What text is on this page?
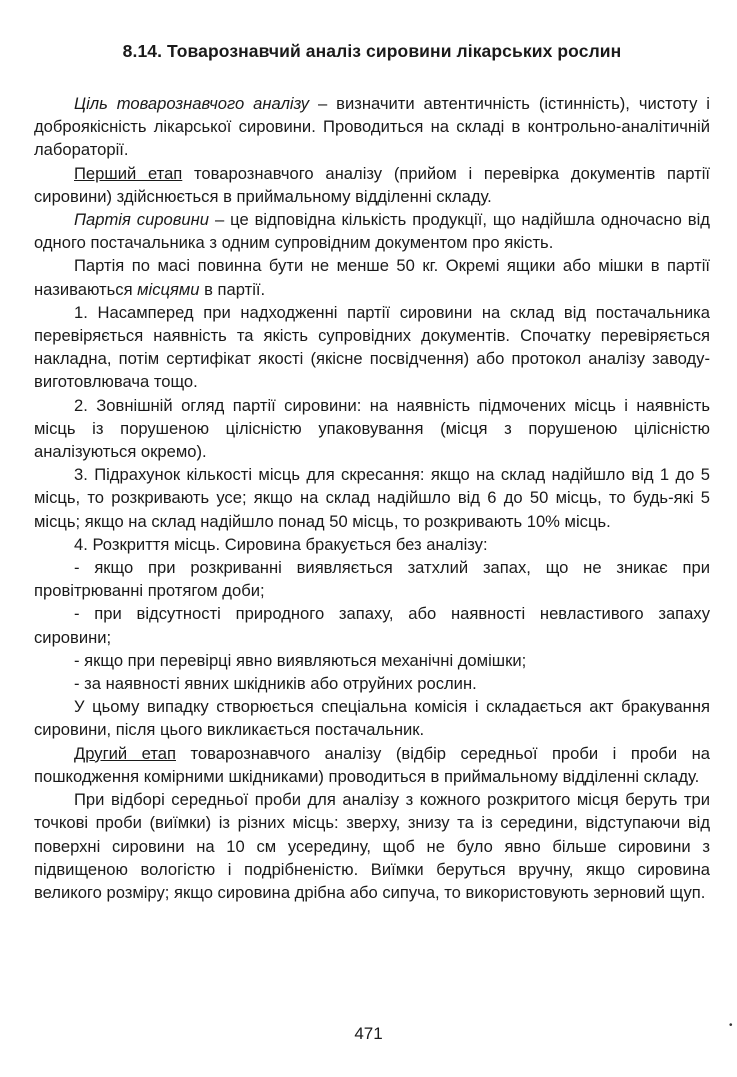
8.14. Товарознавчий аналіз сировини лікарських рослин

Ціль товарознавчого аналізу – визначити автентичність (істинність), чистоту і доброякісність лікарської сировини. Проводиться на складі в контрольно-аналітичній лабораторії.

Перший етап товарознавчого аналізу (прийом і перевірка документів партії сировини) здійснюється в приймальному відділенні складу.

Партія сировини – це відповідна кількість продукції, що надійшла одночасно від одного постачальника з одним супровідним документом про якість.

Партія по масі повинна бути не менше 50 кг. Окремі ящики або мішки в партії називаються місцями в партії.

1. Насамперед при надходженні партії сировини на склад від постачальника перевіряється наявність та якість супровідних документів. Спочатку перевіряється накладна, потім сертифікат якості (якісне посвідчення) або протокол аналізу заводу-виготовлювача тощо.

2. Зовнішній огляд партії сировини: на наявність підмочених місць і наявність місць із порушеною цілісністю упаковування (місця з порушеною цілісністю аналізуються окремо).

3. Підрахунок кількості місць для скресання: якщо на склад надійшло від 1 до 5 місць, то розкривають усе; якщо на склад надійшло від 6 до 50 місць, то будь-які 5 місць; якщо на склад надійшло понад 50 місць, то розкривають 10% місць.

4. Розкриття місць. Сировина бракується без аналізу:

- якщо при розкриванні виявляється затхлий запах, що не зникає при провітрюванні протягом доби;

- при відсутності природного запаху, або наявності невластивого запаху сировини;

- якщо при перевірці явно виявляються механічні домішки;

- за наявності явних шкідників або отруйних рослин.

У цьому випадку створюється спеціальна комісія і складається акт бракування сировини, після цього викликається постачальник.

Другий етап товарознавчого аналізу (відбір середньої проби і проби на пошкодження комірними шкідниками) проводиться в приймальному відділенні складу.

При відборі середньої проби для аналізу з кожного розкритого місця беруть три точкові проби (виїмки) із різних місць: зверху, знизу та із середини, відступаючи від поверхні сировини на 10 см усередину, щоб не було явно більше сировини з підвищеною вологістю і подрібненістю. Виїмки беруться вручну, якщо сировина великого розміру; якщо сировина дрібна або сипуча, то використовують зерновий щуп.

471	•
